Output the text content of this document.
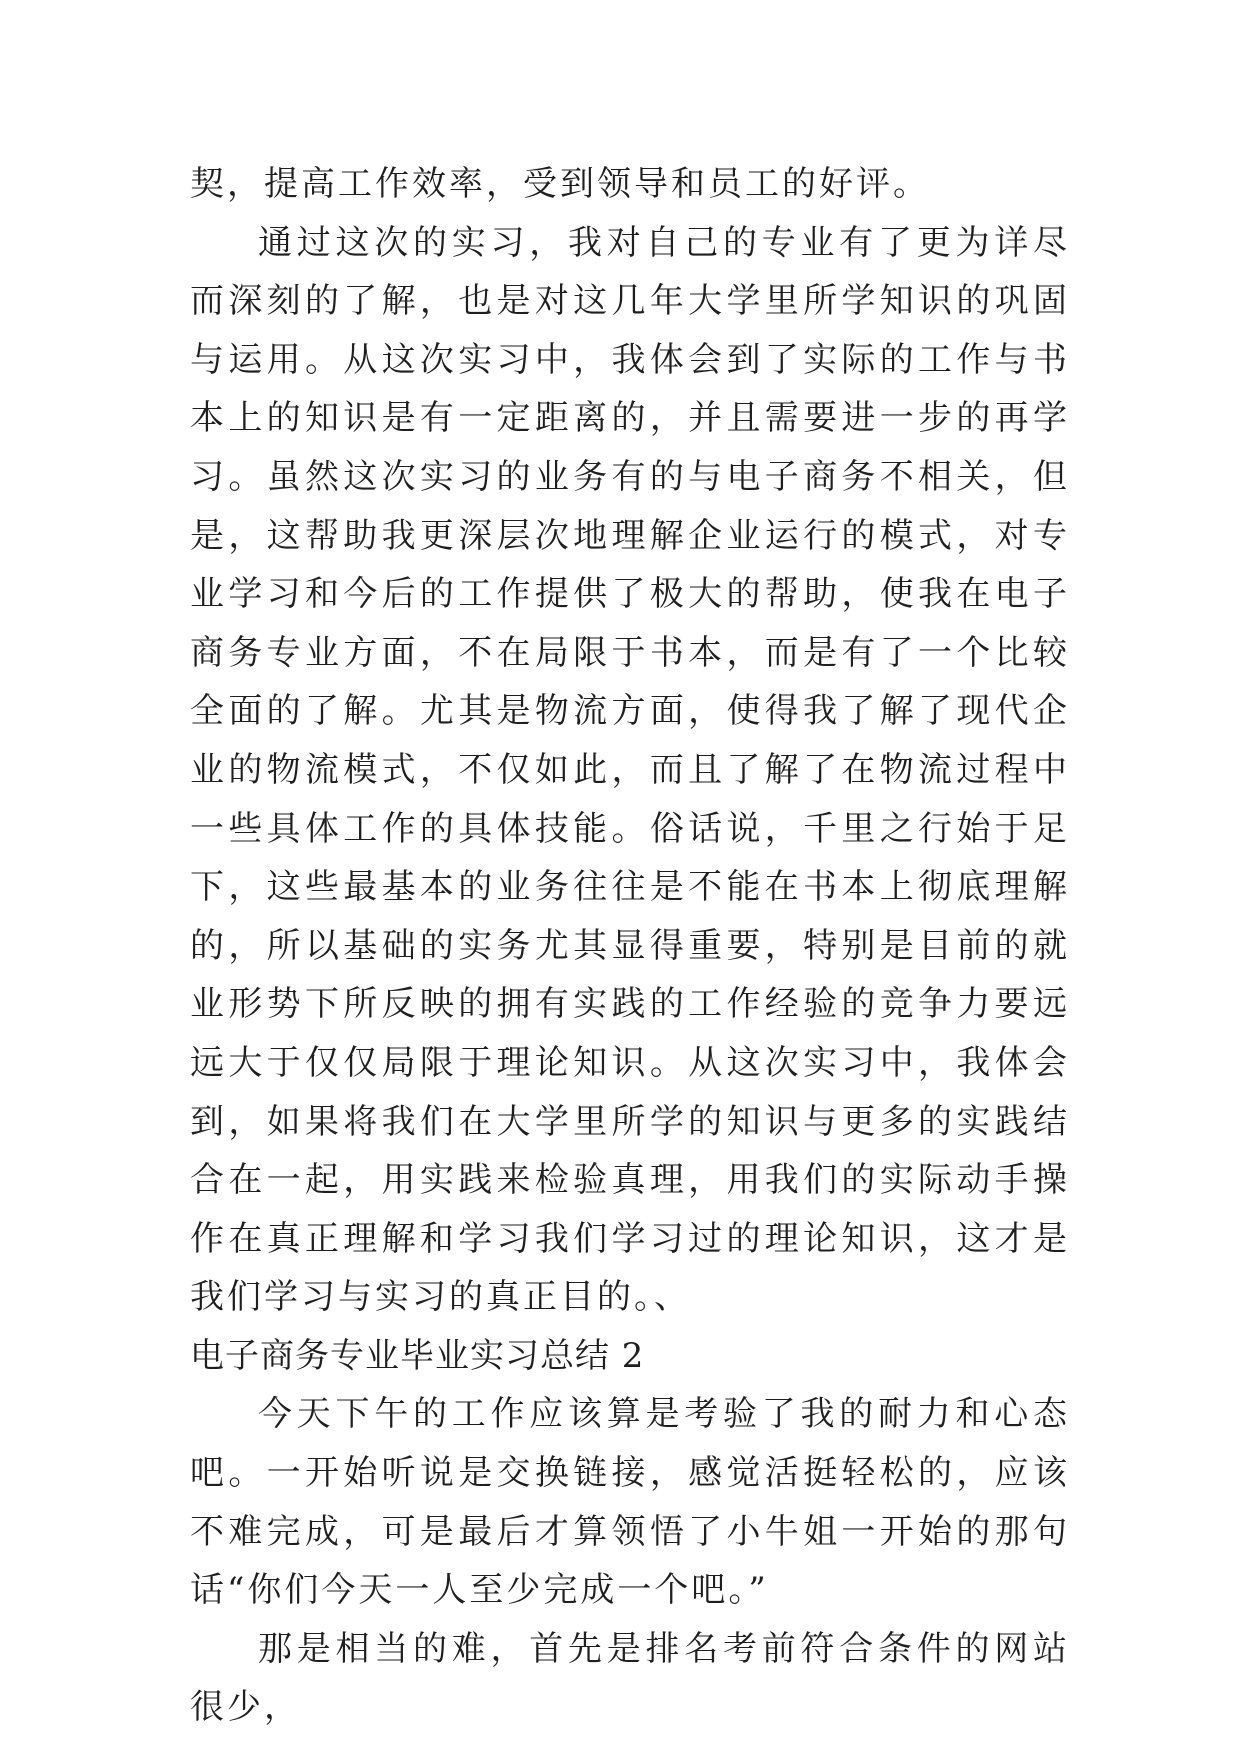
契，提高工作效率，受到领导和员工的好评。

通过这次的实习，我对自己的专业有了更为详尽而深刻的了解，也是对这几年大学里所学知识的巩固与运用。从这次实习中，我体会到了实际的工作与书本上的知识是有一定距离的，并且需要进一步的再学习。虽然这次实习的业务有的与电子商务不相关，但是，这帮助我更深层次地理解企业运行的模式，对专业学习和今后的工作提供了极大的帮助，使我在电子商务专业方面，不在局限于书本，而是有了一个比较全面的了解。尤其是物流方面，使得我了解了现代企业的物流模式，不仅如此，而且了解了在物流过程中一些具体工作的具体技能。俗话说，千里之行始于足下，这些最基本的业务往往是不能在书本上彻底理解的，所以基础的实务尤其显得重要，特别是目前的就业形势下所反映的拥有实践的工作经验的竞争力要远远大于仅仅局限于理论知识。从这次实习中，我体会到，如果将我们在大学里所学的知识与更多的实践结合在一起，用实践来检验真理，用我们的实际动手操作在真正理解和学习我们学习过的理论知识，这才是我们学习与实习的真正目的。、

电子商务专业毕业实习总结 2

今天下午的工作应该算是考验了我的耐力和心态吧。一开始听说是交换链接，感觉活挺轻松的，应该不难完成，可是最后才算领悟了小牛姐一开始的那句话“你们今天一人至少完成一个吧。”

那是相当的难，首先是排名考前符合条件的网站很少，
